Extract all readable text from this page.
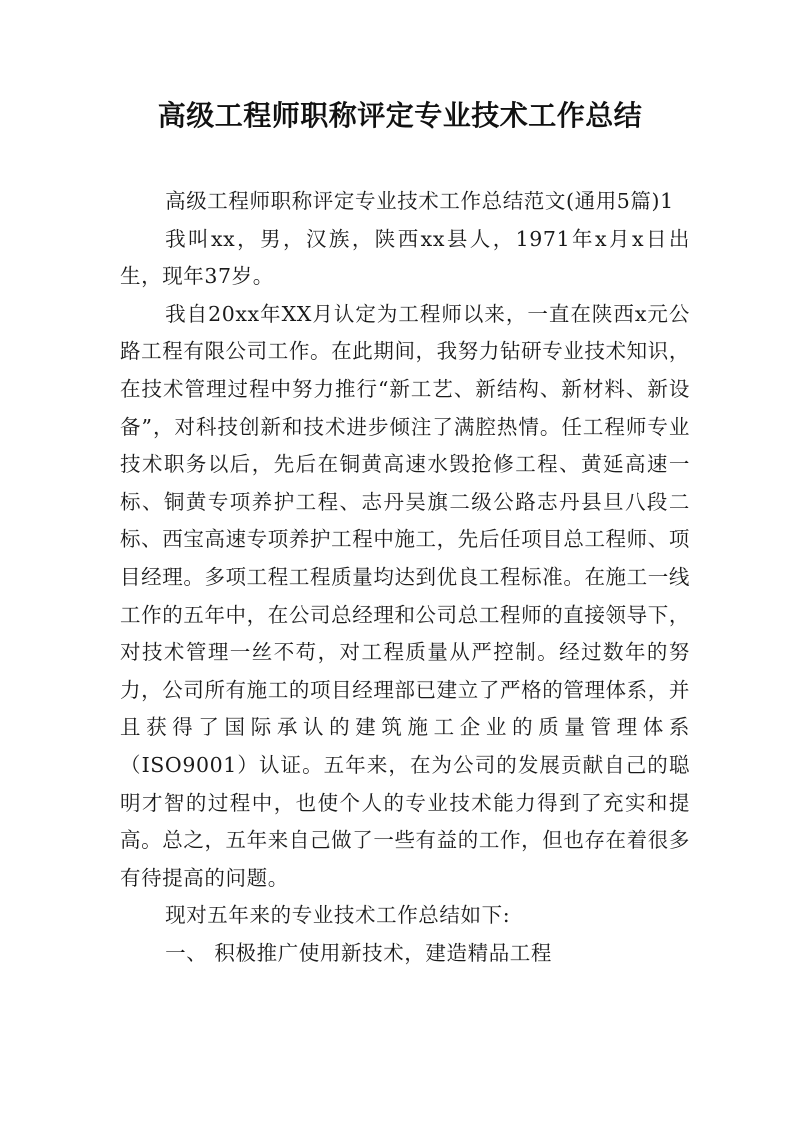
高级工程师职称评定专业技术工作总结

高级工程师职称评定专业技术工作总结范文(通用5篇)1

我叫xx，男，汉族，陕西xx县人，1971年x月x日出生，现年37岁。

我自20xx年XX月认定为工程师以来，一直在陕西x元公路工程有限公司工作。在此期间，我努力钻研专业技术知识，在技术管理过程中努力推行“新工艺、新结构、新材料、新设备”，对科技创新和技术进步倾注了满腔热情。任工程师专业技术职务以后，先后在铜黄高速水毁抢修工程、黄延高速一标、铜黄专项养护工程、志丹吴旗二级公路志丹县旦八段二标、西宝高速专项养护工程中施工，先后任项目总工程师、项目经理。多项工程工程质量均达到优良工程标准。在施工一线工作的五年中，在公司总经理和公司总工程师的直接领导下，对技术管理一丝不苟，对工程质量从严控制。经过数年的努力，公司所有施工的项目经理部已建立了严格的管理体系，并且获得了国际承认的建筑施工企业的质量管理体系（ISO9001）认证。五年来，在为公司的发展贡献自己的聪明才智的过程中，也使个人的专业技术能力得到了充实和提高。总之，五年来自己做了一些有益的工作，但也存在着很多有待提高的问题。

现对五年来的专业技术工作总结如下:

一、 积极推广使用新技术，建造精品工程
